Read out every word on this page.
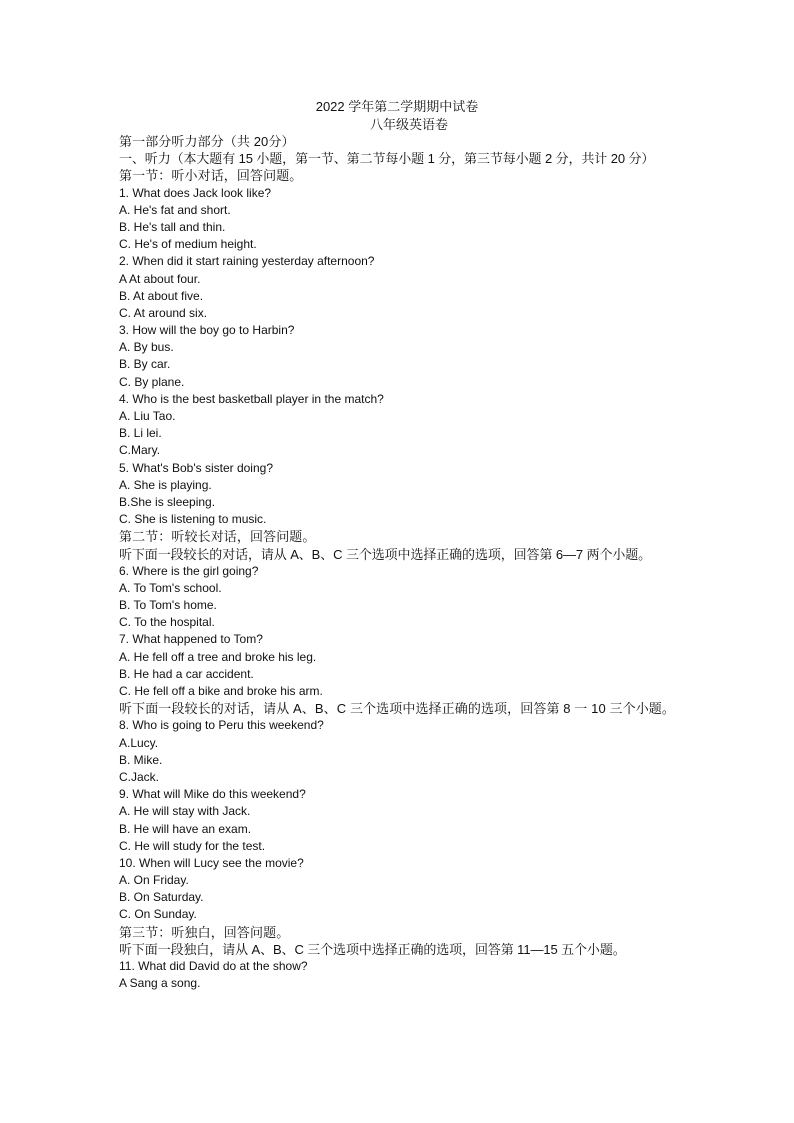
2022 学年第二学期期中试卷
八年级英语卷
第一部分听力部分（共 20分）
一、听力（本大题有 15 小题，第一节、第二节每小题 1 分，第三节每小题 2 分，共计 20 分）
第一节：听小对话，回答问题。
1. What does Jack look like?
A. He's fat and short.
B. He's tall and thin.
C. He's of medium height.
2. When did it start raining yesterday afternoon?
A At about four.
B. At about five.
C. At around six.
3. How will the boy go to Harbin?
A. By bus.
B. By car.
C. By plane.
4. Who is the best basketball player in the match?
A. Liu Tao.
B. Li lei.
C.Mary.
5. What's Bob's sister doing?
A. She is playing.
B.She is sleeping.
C. She is listening to music.
第二节：听较长对话，回答问题。
听下面一段较长的对话，请从 A、B、C 三个选项中选择正确的选项，回答第 6—7 两个小题。
6. Where is the girl going?
A. To Tom's school.
B. To Tom's home.
C. To the hospital.
7. What happened to Tom?
A. He fell off a tree and broke his leg.
B. He had a car accident.
C. He fell off a bike and broke his arm.
听下面一段较长的对话，请从 A、B、C 三个选项中选择正确的选项，回答第 8 一 10 三个小题。
8. Who is going to Peru this weekend?
A.Lucy.
B. Mike.
C.Jack.
9. What will Mike do this weekend?
A. He will stay with Jack.
B. He will have an exam.
C. He will study for the test.
10. When will Lucy see the movie?
A. On Friday.
B. On Saturday.
C. On Sunday.
第三节：听独白，回答问题。
听下面一段独白，请从 A、B、C 三个选项中选择正确的选项，回答第 11—15 五个小题。
11. What did David do at the show?
A Sang a song.
